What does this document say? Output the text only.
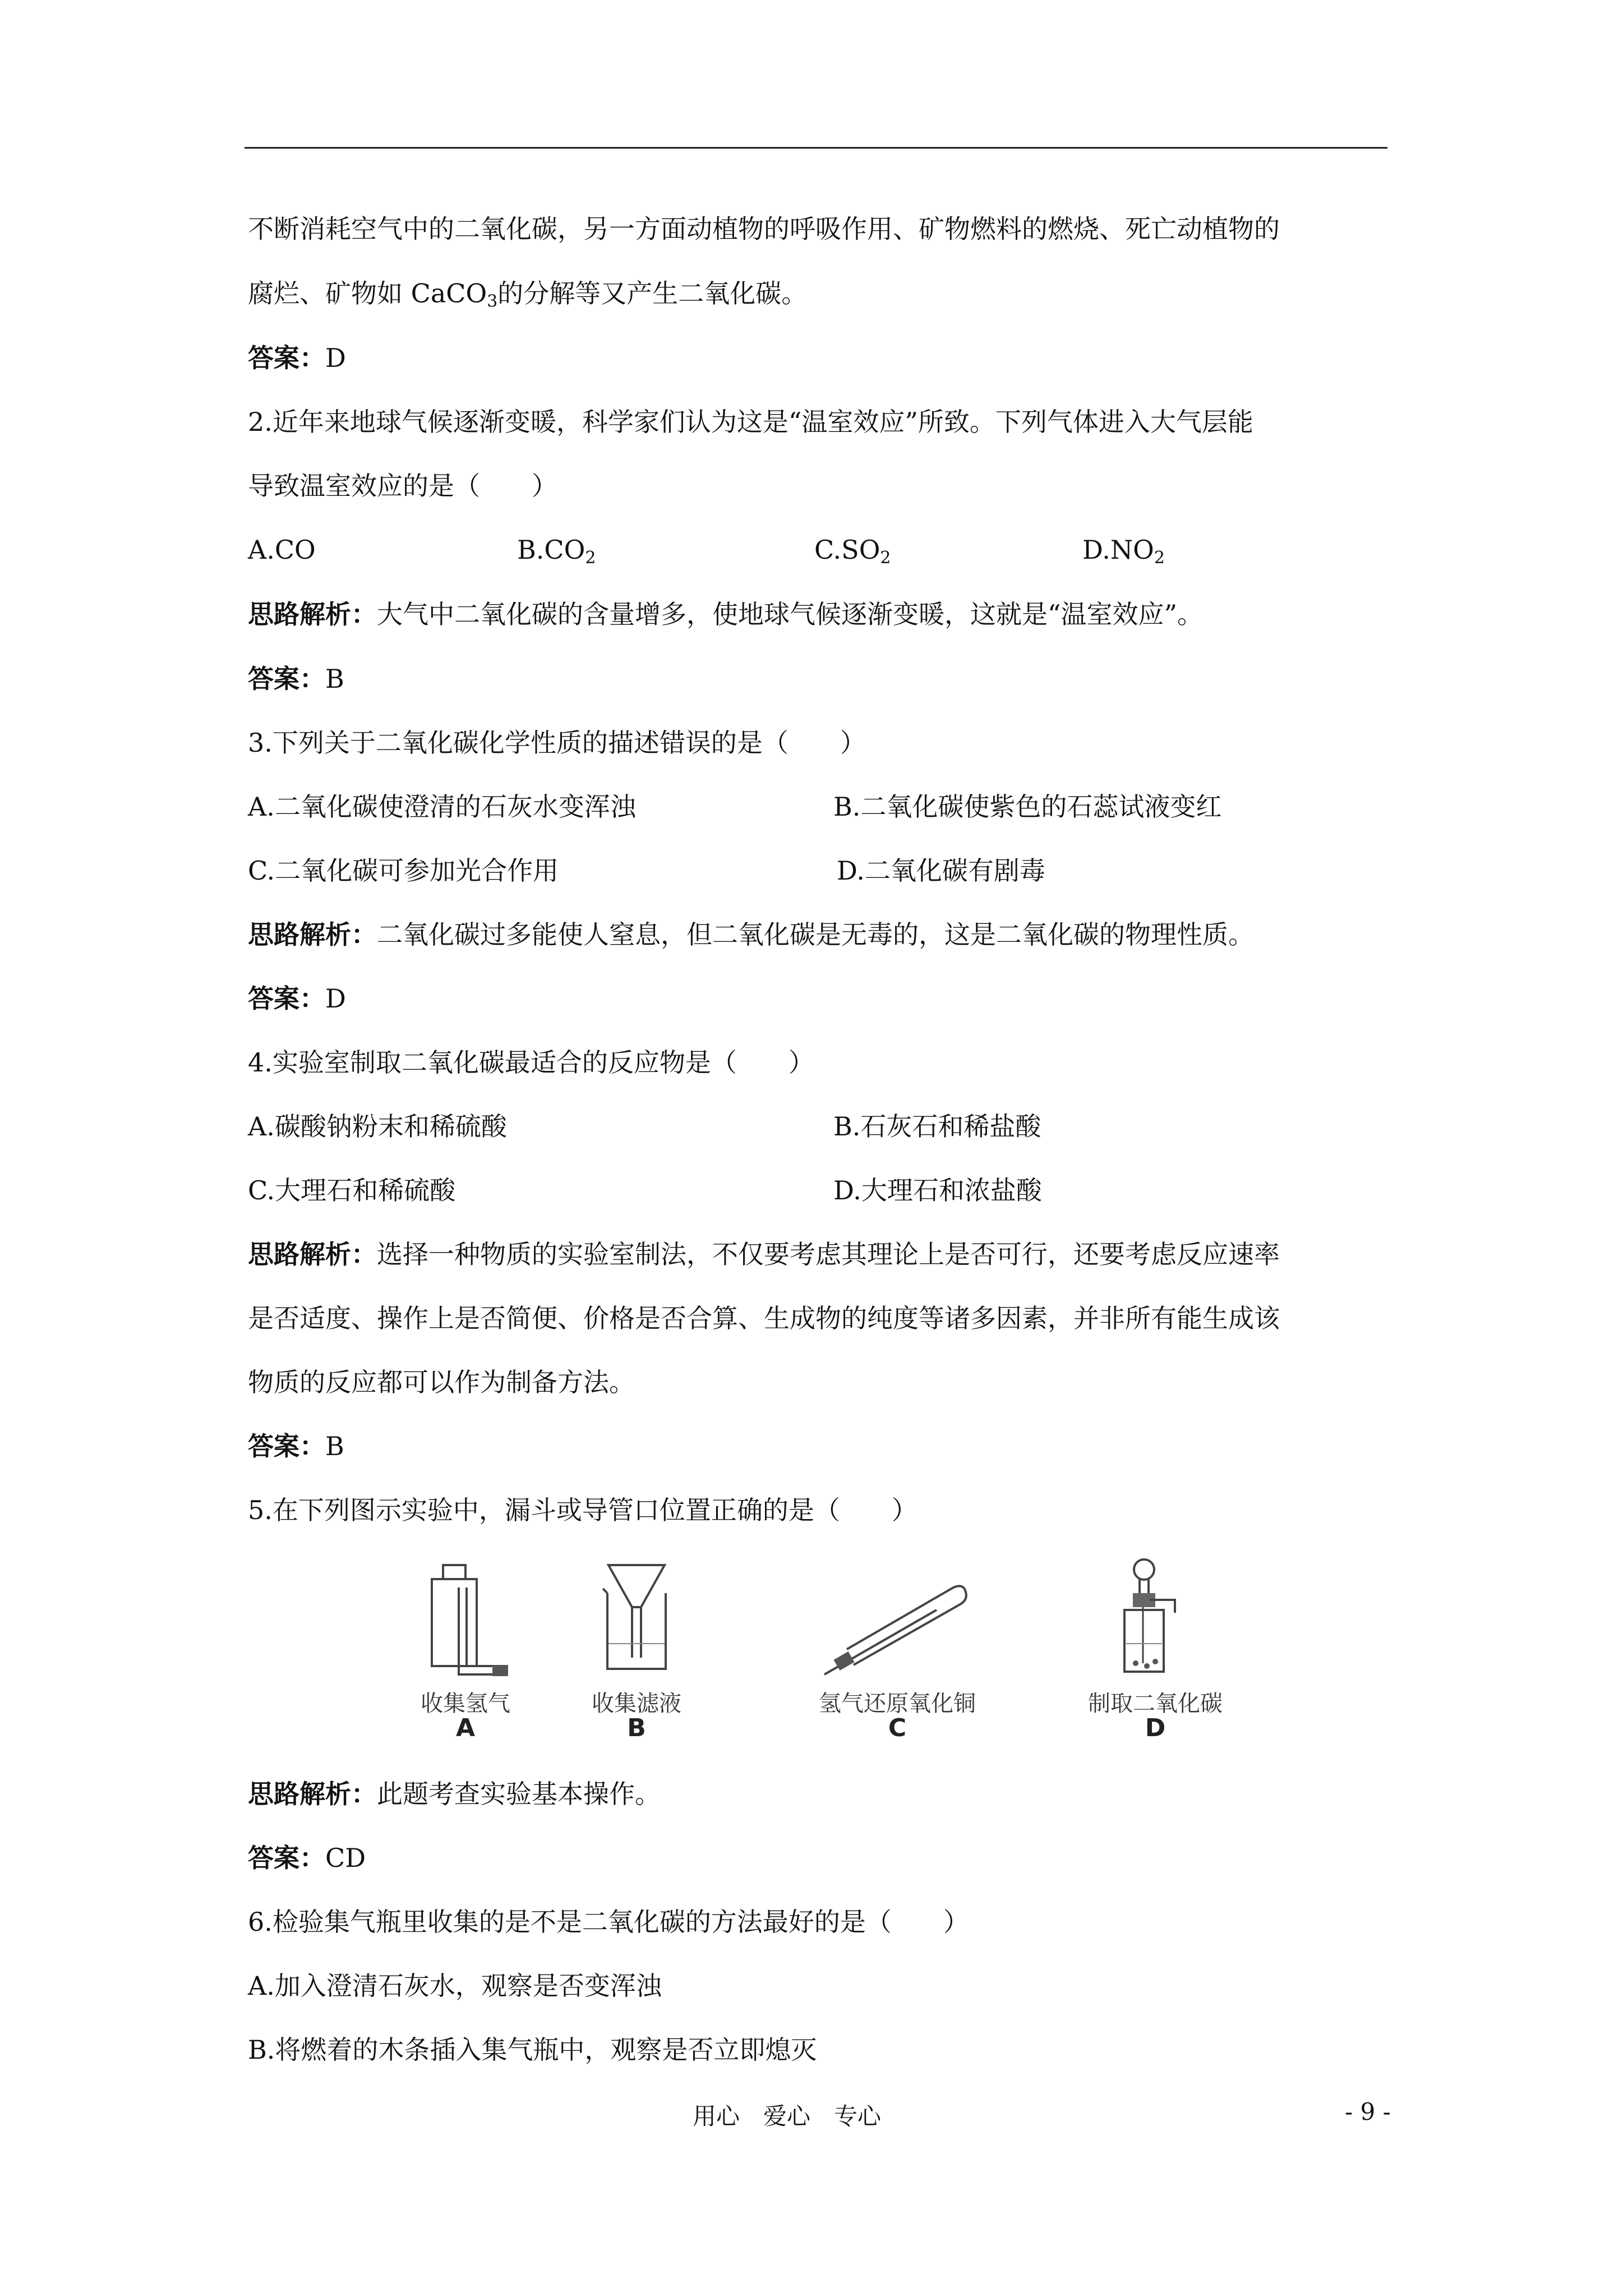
不断消耗空气中的二氧化碳，另一方面动植物的呼吸作用、矿物燃料的燃烧、死亡动植物的
腐烂、矿物如 CaCO$_3$的分解等又产生二氧化碳。
答案：D
2.近年来地球气候逐渐变暖，科学家们认为这是“温室效应”所致。下列气体进入大气层能
导致温室效应的是（　　）
A.CO	$B.CO_2$	$C.SO_2$	$D.NO_2$
思路解析：大气中二氧化碳的含量增多，使地球气候逐渐变暖，这就是“温室效应”。
答案：B
3.下列关于二氧化碳化学性质的描述错误的是（　　）
A.二氧化碳使澄清的石灰水变浑浊	B.二氧化碳使紫色的石蕊试液变红
C.二氧化碳可参加光合作用	D.二氧化碳有剧毒
思路解析：二氧化碳过多能使人窒息，但二氧化碳是无毒的，这是二氧化碳的物理性质。
答案：D
4.实验室制取二氧化碳最适合的反应物是（　　）
A.碳酸钠粉末和稀硫酸	B.石灰石和稀盐酸
C.大理石和稀硫酸	D.大理石和浓盐酸
思路解析：选择一种物质的实验室制法，不仅要考虑其理论上是否可行，还要考虑反应速率
是否适度、操作上是否简便、价格是否合算、生成物的纯度等诸多因素，并非所有能生成该
物质的反应都可以作为制备方法。
答案：B
5.在下列图示实验中，漏斗或导管口位置正确的是（　　）
收集氢气
A
收集滤液
B
氢气还原氧化铜
C
制取二氧化碳
D
思路解析：此题考查实验基本操作。
答案：CD
6.检验集气瓶里收集的是不是二氧化碳的方法最好的是（　　）
A.加入澄清石灰水，观察是否变浑浊
B.将燃着的木条插入集气瓶中，观察是否立即熄灭
用心　爱心　专心	- 9 -
